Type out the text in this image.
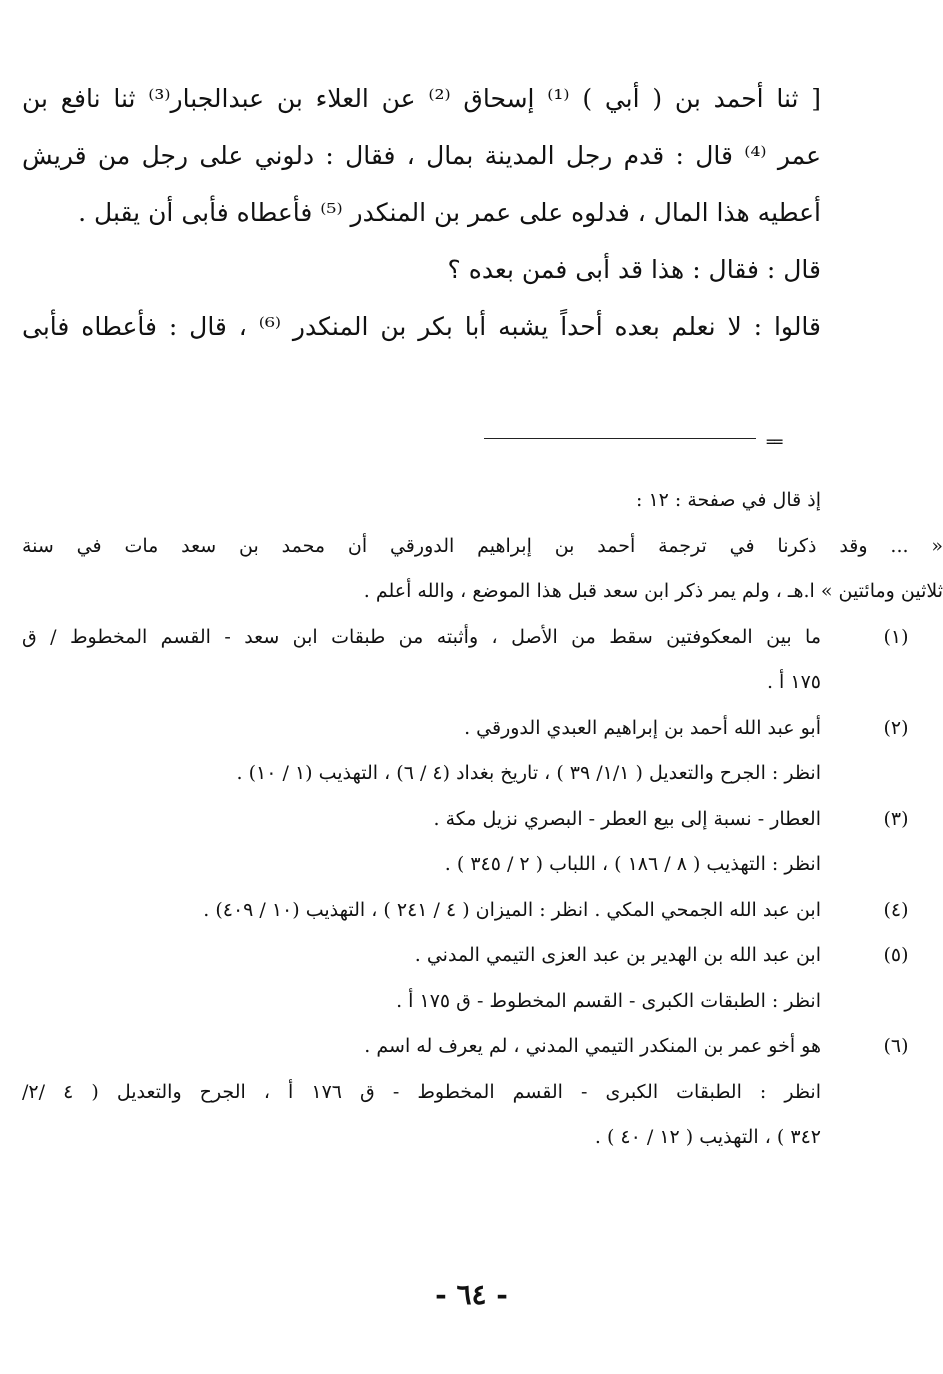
[ ثنا أحمد بن ( أبي ) ⁽¹⁾ إسحاق ⁽²⁾ عن العلاء بن عبدالجبار⁽³⁾ ثنا نافع بن

عمر ⁽⁴⁾ قال : قدم رجل المدينة بمال ، فقال : دلوني على رجل من قريش

أعطيه هذا المال ، فدلوه على عمر بن المنكدر ⁽⁵⁾ فأعطاه فأبى أن يقبل .

قال : فقال : هذا قد أبى فمن بعده ؟

قالوا : لا نعلم بعده أحداً يشبه أبا بكر بن المنكدر ⁽⁶⁾ ، قال : فأعطاه فأبى

==

إذ قال في صفحة : ١٢ :

« ... وقد ذكرنا في ترجمة أحمد بن إبراهيم الدورقي أن محمد بن سعد مات في سنة

ثلاثين ومائتين » ا.هـ ، ولم يمر ذكر ابن سعد قبل هذا الموضع ، والله أعلم .

(١)

ما بين المعكوفتين سقط من الأصل ، وأثبته من طبقات ابن سعد - القسم المخطوط / ق

١٧٥ أ .

(٢)

أبو عبد الله أحمد بن إبراهيم العبدي الدورقي .

انظر : الجرح والتعديل ( ١/١/ ٣٩ ) ، تاريخ بغداد (٤ / ٦) ، التهذيب (١ / ١٠) .

(٣)

العطار - نسبة إلى بيع العطر - البصري نزيل مكة .

انظر : التهذيب ( ٨ / ١٨٦ ) ، اللباب ( ٢ / ٣٤٥ ) .

(٤)

ابن عبد الله الجمحي المكي . انظر : الميزان ( ٤ / ٢٤١ ) ، التهذيب (١٠ / ٤٠٩) .

(٥)

ابن عبد الله بن الهدير بن عبد العزى التيمي المدني .

انظر : الطبقات الكبرى - القسم المخطوط - ق ١٧٥ أ .

(٦)

هو أخو عمر بن المنكدر التيمي المدني ، لم يعرف له اسم .

انظر : الطبقات الكبرى - القسم المخطوط - ق ١٧٦ أ ، الجرح والتعديل ( ٤ /٢/

٣٤٢ ) ، التهذيب ( ١٢ / ٤٠ ) .

- ٦٤ -
